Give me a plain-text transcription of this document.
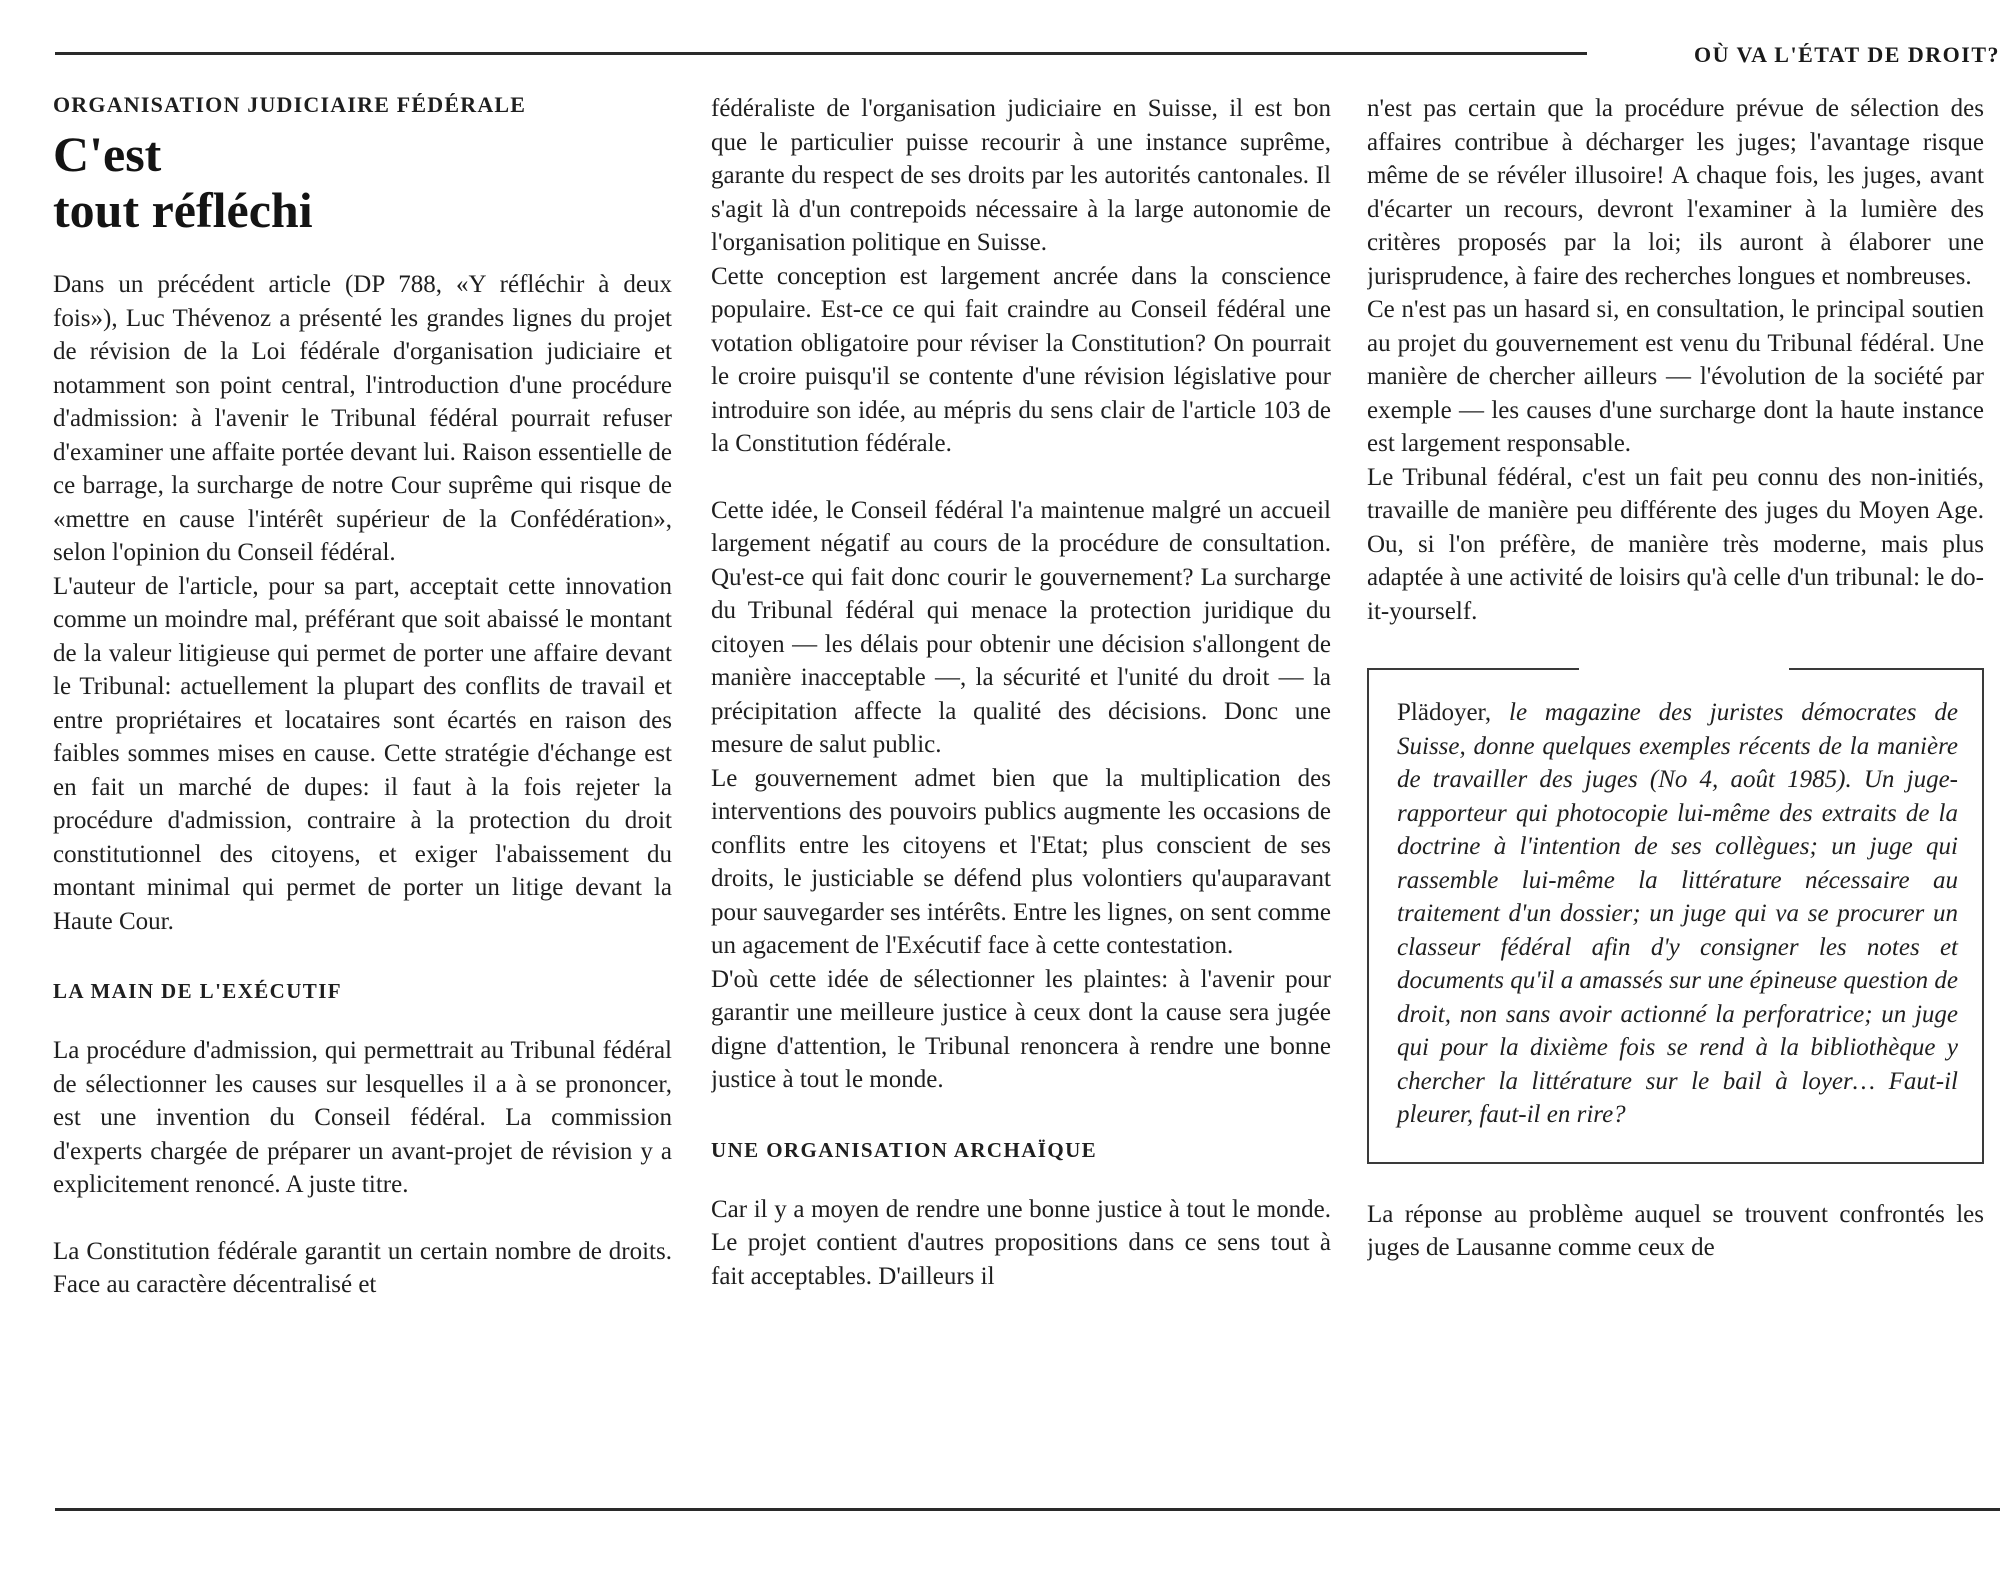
OÙ VA L'ÉTAT DE DROIT?
ORGANISATION JUDICIAIRE FÉDÉRALE
C'est
tout réfléchi

Dans un précédent article (DP 788, «Y réfléchir à deux fois»), Luc Thévenoz a présenté les grandes lignes du projet de révision de la Loi fédérale d'organisation judiciaire et notamment son point central, l'introduction d'une procédure d'admission: à l'avenir le Tribunal fédéral pourrait refuser d'examiner une affaite portée devant lui. Raison essentielle de ce barrage, la surcharge de notre Cour suprême qui risque de «mettre en cause l'intérêt supérieur de la Confédération», selon l'opinion du Conseil fédéral.

L'auteur de l'article, pour sa part, acceptait cette innovation comme un moindre mal, préférant que soit abaissé le montant de la valeur litigieuse qui permet de porter une affaire devant le Tribunal: actuellement la plupart des conflits de travail et entre propriétaires et locataires sont écartés en raison des faibles sommes mises en cause. Cette stratégie d'échange est en fait un marché de dupes: il faut à la fois rejeter la procédure d'admission, contraire à la protection du droit constitutionnel des citoyens, et exiger l'abaissement du montant minimal qui permet de porter un litige devant la Haute Cour.

LA MAIN DE L'EXÉCUTIF

La procédure d'admission, qui permettrait au Tribunal fédéral de sélectionner les causes sur lesquelles il a à se prononcer, est une invention du Conseil fédéral. La commission d'experts chargée de préparer un avant-projet de révision y a explicitement renoncé. A juste titre.

La Constitution fédérale garantit un certain nombre de droits. Face au caractère décentralisé et

fédéraliste de l'organisation judiciaire en Suisse, il est bon que le particulier puisse recourir à une instance suprême, garante du respect de ses droits par les autorités cantonales. Il s'agit là d'un contrepoids nécessaire à la large autonomie de l'organisation politique en Suisse.

Cette conception est largement ancrée dans la conscience populaire. Est-ce ce qui fait craindre au Conseil fédéral une votation obligatoire pour réviser la Constitution? On pourrait le croire puisqu'il se contente d'une révision législative pour introduire son idée, au mépris du sens clair de l'article 103 de la Constitution fédérale.

Cette idée, le Conseil fédéral l'a maintenue malgré un accueil largement négatif au cours de la procédure de consultation. Qu'est-ce qui fait donc courir le gouvernement? La surcharge du Tribunal fédéral qui menace la protection juridique du citoyen — les délais pour obtenir une décision s'allongent de manière inacceptable —, la sécurité et l'unité du droit — la précipitation affecte la qualité des décisions. Donc une mesure de salut public.

Le gouvernement admet bien que la multiplication des interventions des pouvoirs publics augmente les occasions de conflits entre les citoyens et l'Etat; plus conscient de ses droits, le justiciable se défend plus volontiers qu'auparavant pour sauvegarder ses intérêts. Entre les lignes, on sent comme un agacement de l'Exécutif face à cette contestation.

D'où cette idée de sélectionner les plaintes: à l'avenir pour garantir une meilleure justice à ceux dont la cause sera jugée digne d'attention, le Tribunal renoncera à rendre une bonne justice à tout le monde.

UNE ORGANISATION ARCHAÏQUE

Car il y a moyen de rendre une bonne justice à tout le monde. Le projet contient d'autres propositions dans ce sens tout à fait acceptables. D'ailleurs il

n'est pas certain que la procédure prévue de sélection des affaires contribue à décharger les juges; l'avantage risque même de se révéler illusoire! A chaque fois, les juges, avant d'écarter un recours, devront l'examiner à la lumière des critères proposés par la loi; ils auront à élaborer une jurisprudence, à faire des recherches longues et nombreuses.

Ce n'est pas un hasard si, en consultation, le principal soutien au projet du gouvernement est venu du Tribunal fédéral. Une manière de chercher ailleurs — l'évolution de la société par exemple — les causes d'une surcharge dont la haute instance est largement responsable.

Le Tribunal fédéral, c'est un fait peu connu des non-initiés, travaille de manière peu différente des juges du Moyen Age. Ou, si l'on préfère, de manière très moderne, mais plus adaptée à une activité de loisirs qu'à celle d'un tribunal: le do-it-yourself.

Plädoyer, le magazine des juristes démocrates de Suisse, donne quelques exemples récents de la manière de travailler des juges (No 4, août 1985). Un juge-rapporteur qui photocopie lui-même des extraits de la doctrine à l'intention de ses collègues; un juge qui rassemble lui-même la littérature nécessaire au traitement d'un dossier; un juge qui va se procurer un classeur fédéral afin d'y consigner les notes et documents qu'il a amassés sur une épineuse question de droit, non sans avoir actionné la perforatrice; un juge qui pour la dixième fois se rend à la bibliothèque y chercher la littérature sur le bail à loyer… Faut-il pleurer, faut-il en rire?

La réponse au problème auquel se trouvent confrontés les juges de Lausanne comme ceux de
